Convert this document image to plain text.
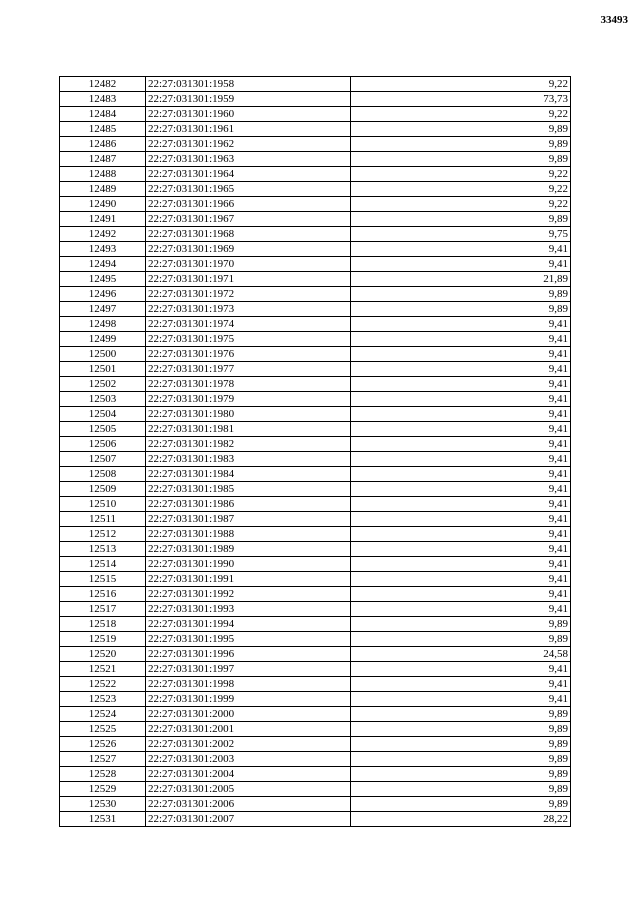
33493
12482	22:27:031301:1958	9,22
12483	22:27:031301:1959	73,73
12484	22:27:031301:1960	9,22
12485	22:27:031301:1961	9,89
12486	22:27:031301:1962	9,89
12487	22:27:031301:1963	9,89
12488	22:27:031301:1964	9,22
12489	22:27:031301:1965	9,22
12490	22:27:031301:1966	9,22
12491	22:27:031301:1967	9,89
12492	22:27:031301:1968	9,75
12493	22:27:031301:1969	9,41
12494	22:27:031301:1970	9,41
12495	22:27:031301:1971	21,89
12496	22:27:031301:1972	9,89
12497	22:27:031301:1973	9,89
12498	22:27:031301:1974	9,41
12499	22:27:031301:1975	9,41
12500	22:27:031301:1976	9,41
12501	22:27:031301:1977	9,41
12502	22:27:031301:1978	9,41
12503	22:27:031301:1979	9,41
12504	22:27:031301:1980	9,41
12505	22:27:031301:1981	9,41
12506	22:27:031301:1982	9,41
12507	22:27:031301:1983	9,41
12508	22:27:031301:1984	9,41
12509	22:27:031301:1985	9,41
12510	22:27:031301:1986	9,41
12511	22:27:031301:1987	9,41
12512	22:27:031301:1988	9,41
12513	22:27:031301:1989	9,41
12514	22:27:031301:1990	9,41
12515	22:27:031301:1991	9,41
12516	22:27:031301:1992	9,41
12517	22:27:031301:1993	9,41
12518	22:27:031301:1994	9,89
12519	22:27:031301:1995	9,89
12520	22:27:031301:1996	24,58
12521	22:27:031301:1997	9,41
12522	22:27:031301:1998	9,41
12523	22:27:031301:1999	9,41
12524	22:27:031301:2000	9,89
12525	22:27:031301:2001	9,89
12526	22:27:031301:2002	9,89
12527	22:27:031301:2003	9,89
12528	22:27:031301:2004	9,89
12529	22:27:031301:2005	9,89
12530	22:27:031301:2006	9,89
12531	22:27:031301:2007	28,22
